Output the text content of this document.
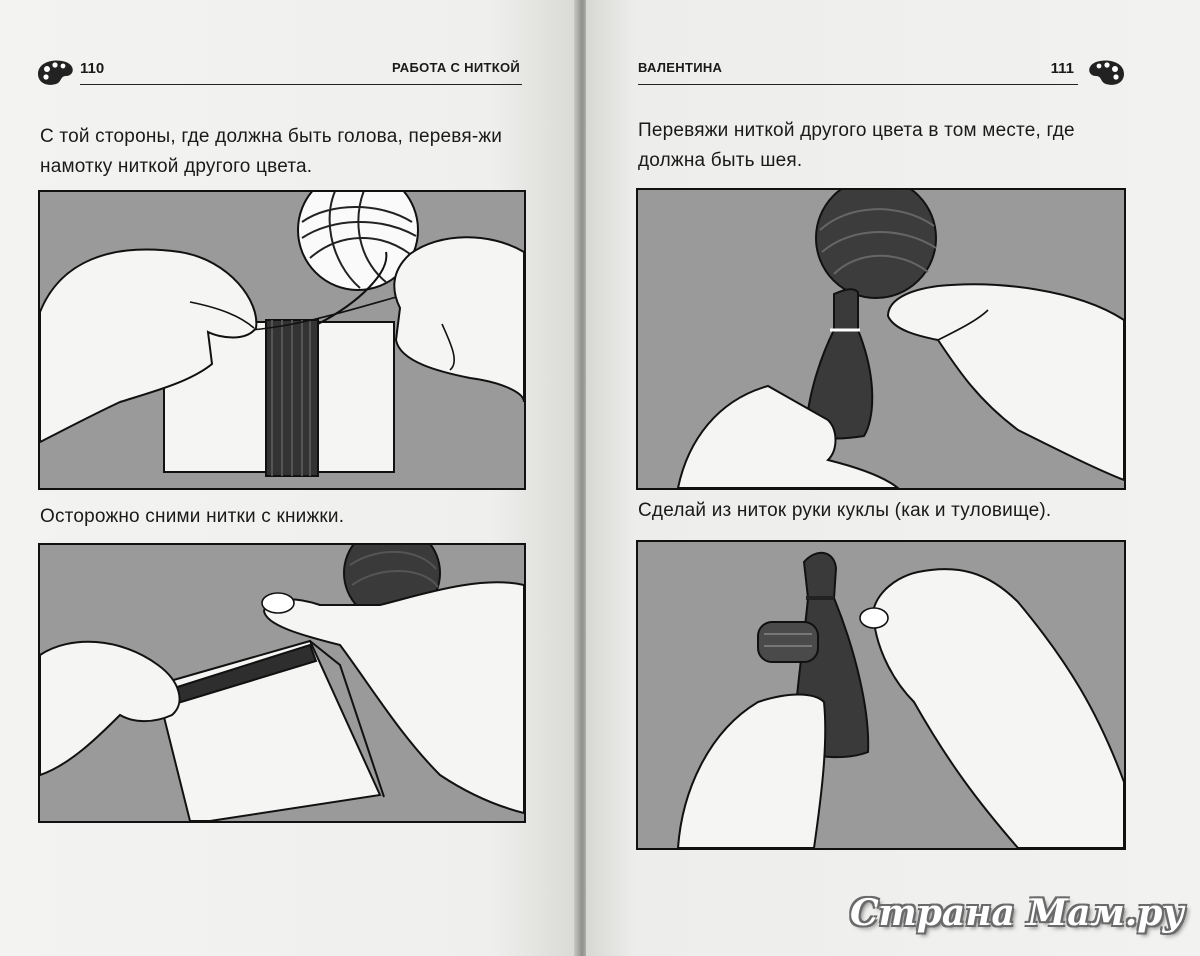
110	РАБОТА С НИТКОЙ
С той стороны, где должна быть голова, перевя-жи намотку ниткой другого цвета.
Осторожно сними нитки с книжки.
ВАЛЕНТИНА	111
Перевяжи ниткой другого цвета в том месте, где должна быть шея.
Сделай из ниток руки куклы (как и туловище).
Страна Мам.ру
